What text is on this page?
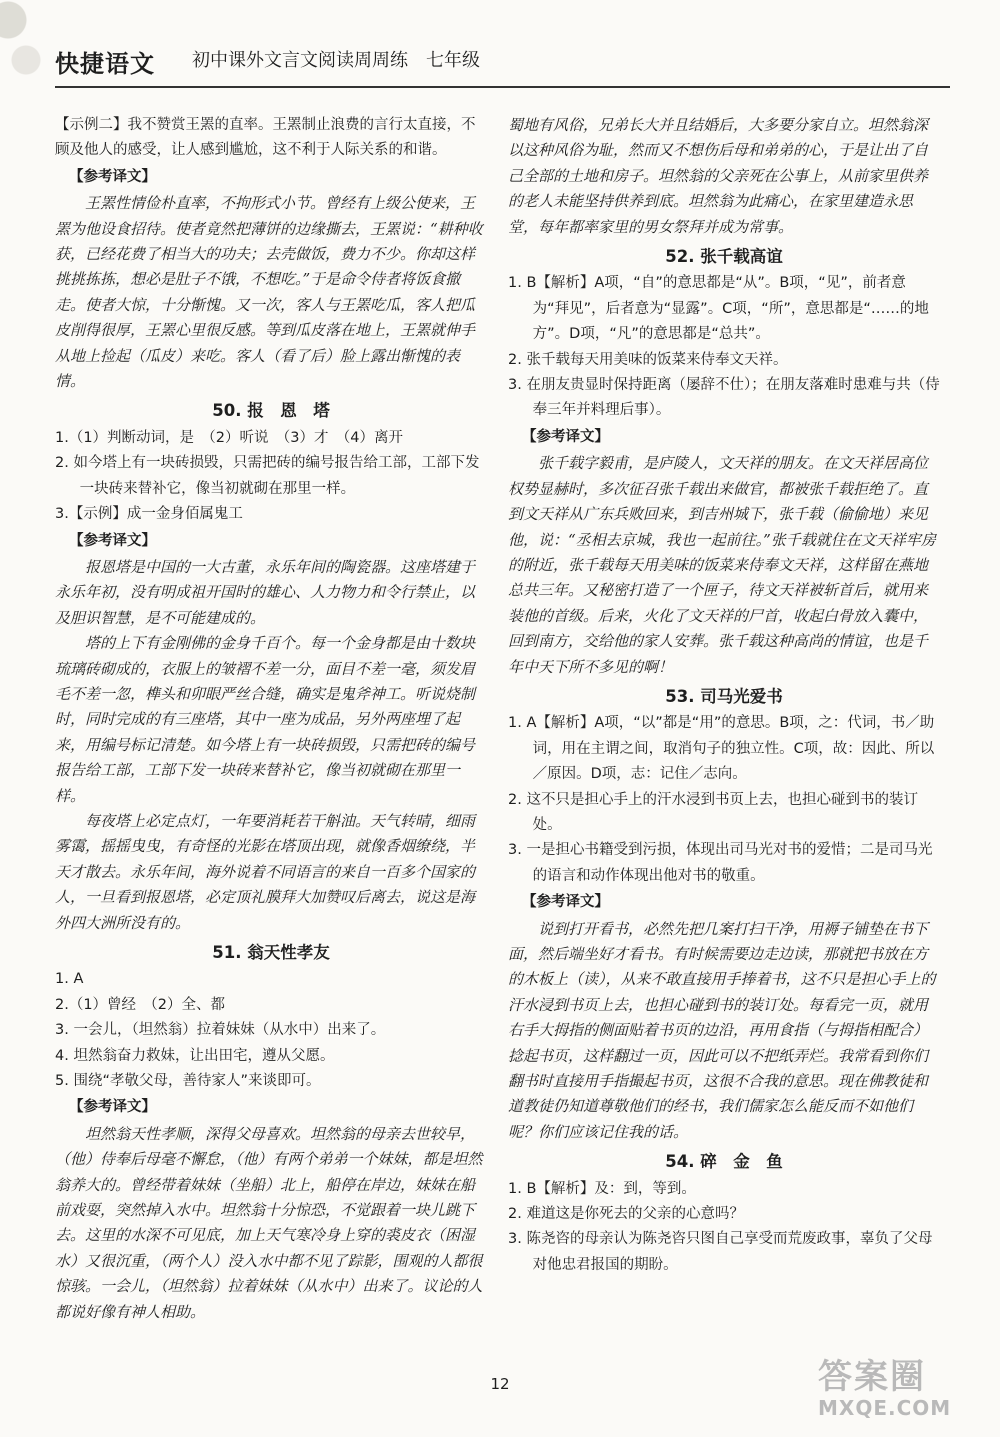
快捷语文 初中课外文言文阅读周周练 七年级

【示例二】我不赞赏王罴的直率。王罴制止浪费的言行太直接，不顾及他人的感受，让人感到尴尬，这不利于人际关系的和谐。

【参考译文】

王罴性情俭朴直率，不拘形式小节。曾经有上级公使来，王罴为他设食招待。使者竟然把薄饼的边缘撕去，王罴说：“耕种收获，已经花费了相当大的功夫；去壳做饭，费力不少。你却这样挑挑拣拣，想必是肚子不饿，不想吃。”于是命令侍者将饭食撤走。使者大惊，十分惭愧。又一次，客人与王罴吃瓜，客人把瓜皮削得很厚，王罴心里很反感。等到瓜皮落在地上，王罴就伸手从地上捡起（瓜皮）来吃。客人（看了后）脸上露出惭愧的表情。

50. 报　恩　塔

1.（1）判断动词，是　（2）听说　（3）才　（4）离开

2. 如今塔上有一块砖损毁，只需把砖的编号报告给工部，工部下发一块砖来替补它，像当初就砌在那里一样。

3.【示例】成一金身佰属鬼工

【参考译文】

报恩塔是中国的一大古董，永乐年间的陶瓷器。这座塔建于永乐年初，没有明成祖开国时的雄心、人力物力和令行禁止，以及胆识智慧，是不可能建成的。

塔的上下有金刚佛的金身千百个。每一个金身都是由十数块琉璃砖砌成的，衣服上的皱褶不差一分，面目不差一毫，须发眉毛不差一忽，榫头和卯眼严丝合缝，确实是鬼斧神工。听说烧制时，同时完成的有三座塔，其中一座为成品，另外两座埋了起来，用编号标记清楚。如今塔上有一块砖损毁，只需把砖的编号报告给工部，工部下发一块砖来替补它，像当初就砌在那里一样。

每夜塔上必定点灯，一年要消耗若干斛油。天气转晴，细雨雾霭，摇摇曳曳，有奇怪的光影在塔顶出现，就像香烟缭绕，半天才散去。永乐年间，海外说着不同语言的来自一百多个国家的人，一旦看到报恩塔，必定顶礼膜拜大加赞叹后离去，说这是海外四大洲所没有的。

51. 翁天性孝友

1. A

2.（1）曾经　（2）全、都

3. 一会儿，（坦然翁）拉着妹妹（从水中）出来了。

4. 坦然翁奋力救妹，让出田宅，遵从父愿。

5. 围绕“孝敬父母，善待家人”来谈即可。

【参考译文】

坦然翁天性孝顺，深得父母喜欢。坦然翁的母亲去世较早，（他）侍奉后母毫不懈怠，（他）有两个弟弟一个妹妹，都是坦然翁养大的。曾经带着妹妹（坐船）北上，船停在岸边，妹妹在船前戏耍，突然掉入水中。坦然翁十分惊恐，不觉跟着一块儿跳下去。这里的水深不可见底，加上天气寒冷身上穿的裘皮衣（困湿水）又很沉重，（两个人）没入水中都不见了踪影，围观的人都很惊骇。一会儿，（坦然翁）拉着妹妹（从水中）出来了。议论的人都说好像有神人相助。

蜀地有风俗，兄弟长大并且结婚后，大多要分家自立。坦然翁深以这种风俗为耻，然而又不想伤后母和弟弟的心，于是让出了自己全部的土地和房子。坦然翁的父亲死在公事上，从前家里供养的老人未能坚持供养到底。坦然翁为此痛心，在家里建造永思堂，每年都率家里的男女祭拜并成为常事。

52. 张千载高谊

1. B【解析】A项，“自”的意思都是“从”。B项，“见”，前者意为“拜见”，后者意为“显露”。C项，“所”，意思都是“……的地方”。D项，“凡”的意思都是“总共”。

2. 张千载每天用美味的饭菜来侍奉文天祥。

3. 在朋友贵显时保持距离（屡辞不仕）；在朋友落难时患难与共（侍奉三年并料理后事）。

【参考译文】

张千载字毅甫，是庐陵人，文天祥的朋友。在文天祥居高位权势显赫时，多次征召张千载出来做官，都被张千载拒绝了。直到文天祥从广东兵败回来，到吉州城下，张千载（偷偷地）来见他，说：“丞相去京城，我也一起前往。”张千载就住在文天祥牢房的附近，张千载每天用美味的饭菜来侍奉文天祥，这样留在燕地总共三年。又秘密打造了一个匣子，待文天祥被斩首后，就用来装他的首级。后来，火化了文天祥的尸首，收起白骨放入囊中，回到南方，交给他的家人安葬。张千载这种高尚的情谊，也是千年中天下所不多见的啊！

53. 司马光爱书

1. A【解析】A项，“以”都是“用”的意思。B项，之：代词，书／助词，用在主谓之间，取消句子的独立性。C项，故：因此、所以／原因。D项，志：记住／志向。

2. 这不只是担心手上的汗水浸到书页上去，也担心碰到书的装订处。

3. 一是担心书籍受到污损，体现出司马光对书的爱惜；二是司马光的语言和动作体现出他对书的敬重。

【参考译文】

说到打开看书，必然先把几案打扫干净，用褥子铺垫在书下面，然后端坐好才看书。有时候需要边走边读，那就把书放在方的木板上（读），从来不敢直接用手捧着书，这不只是担心手上的汗水浸到书页上去，也担心碰到书的装订处。每看完一页，就用右手大拇指的侧面贴着书页的边沿，再用食指（与拇指相配合）捻起书页，这样翻过一页，因此可以不把纸弄烂。我常看到你们翻书时直接用手指撮起书页，这很不合我的意思。现在佛教徒和道教徒仍知道尊敬他们的经书，我们儒家怎么能反而不如他们呢？你们应该记住我的话。

54. 碎　金　鱼

1. B【解析】及：到，等到。

2. 难道这是你死去的父亲的心意吗？

3. 陈尧咨的母亲认为陈尧咨只图自己享受而荒废政事，辜负了父母对他忠君报国的期盼。

12	答案圈
MXQE.COM
